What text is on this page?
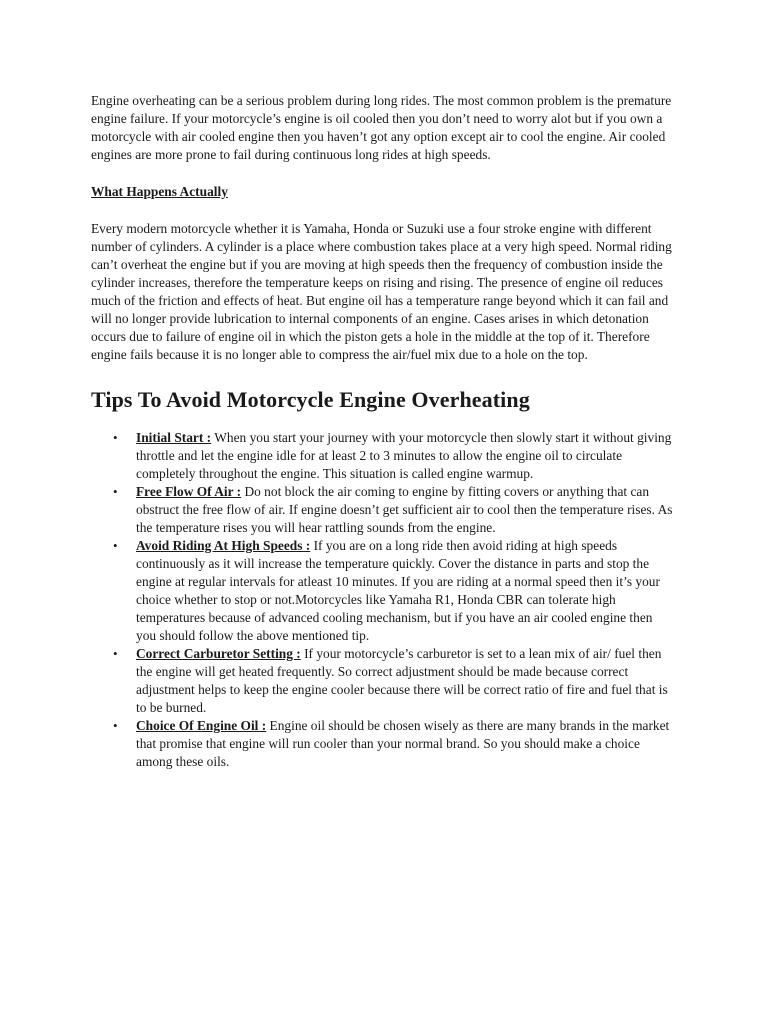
Engine overheating can be a serious problem during long rides. The most common problem is the premature engine failure. If your motorcycle’s engine is oil cooled then you don’t need to worry alot but if you own a motorcycle with air cooled engine then you haven’t got any option except air to cool the engine. Air cooled engines are more prone to fail during continuous long rides at high speeds.

What Happens Actually

Every modern motorcycle whether it is Yamaha, Honda or Suzuki use a four stroke engine with different number of cylinders. A cylinder is a place where combustion takes place at a very high speed. Normal riding can’t overheat the engine but if you are moving at high speeds then the frequency of combustion inside the cylinder increases, therefore the temperature keeps on rising and rising. The presence of engine oil reduces much of the friction and effects of heat. But engine oil has a temperature range beyond which it can fail and will no longer provide lubrication to internal components of an engine. Cases arises in which detonation occurs due to failure of engine oil in which the piston gets a hole in the middle at the top of it. Therefore engine fails because it is no longer able to compress the air/fuel mix due to a hole on the top.

Tips To Avoid Motorcycle Engine Overheating
• Initial Start : When you start your journey with your motorcycle then slowly start it without giving throttle and let the engine idle for at least 2 to 3 minutes to allow the engine oil to circulate completely throughout the engine. This situation is called engine warmup.
• Free Flow Of Air : Do not block the air coming to engine by fitting covers or anything that can obstruct the free flow of air. If engine doesn’t get sufficient air to cool then the temperature rises. As the temperature rises you will hear rattling sounds from the engine.
• Avoid Riding At High Speeds : If you are on a long ride then avoid riding at high speeds continuously as it will increase the temperature quickly. Cover the distance in parts and stop the engine at regular intervals for atleast 10 minutes. If you are riding at a normal speed then it’s your choice whether to stop or not.Motorcycles like Yamaha R1, Honda CBR can tolerate high temperatures because of advanced cooling mechanism, but if you have an air cooled engine then you should follow the above mentioned tip.
• Correct Carburetor Setting : If your motorcycle’s carburetor is set to a lean mix of air/ fuel then the engine will get heated frequently. So correct adjustment should be made because correct adjustment helps to keep the engine cooler because there will be correct ratio of fire and fuel that is to be burned.
• Choice Of Engine Oil : Engine oil should be chosen wisely as there are many brands in the market that promise that engine will run cooler than your normal brand. So you should make a choice among these oils.
